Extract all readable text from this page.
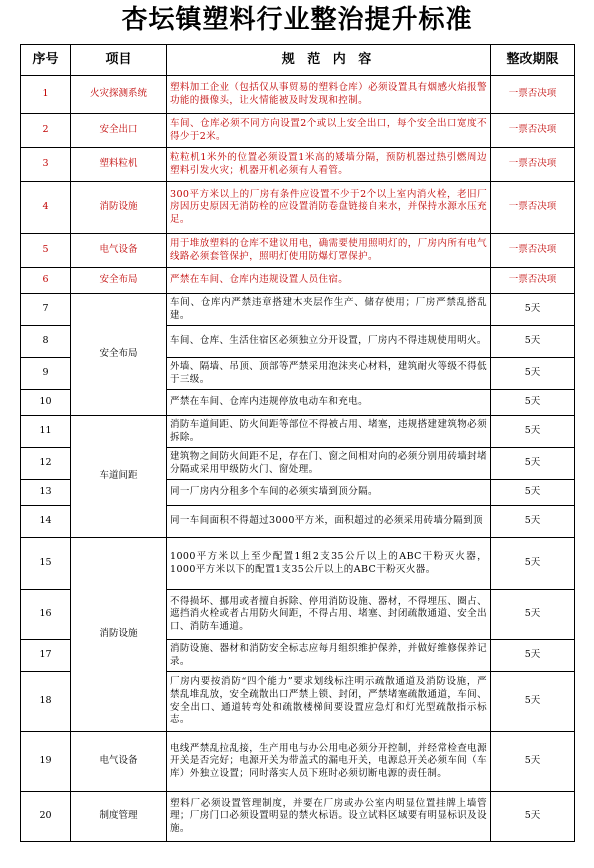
杏坛镇塑料行业整治提升标准
序号	项目	规 范 内 容	整改期限
1	火灾探测系统	塑料加工企业（包括仅从事贸易的塑料仓库）必须设置具有烟感火焰报警功能的摄像头，让火情能被及时发现和控制。	一票否决项
2	安全出口	车间、仓库必须不同方向设置2个或以上安全出口，每个安全出口宽度不得少于2米。	一票否决项
3	塑料粒机	粒粒机1米外的位置必须设置1米高的矮墙分隔，预防机器过热引燃周边塑料引发火灾；机器开机必须有人看管。	一票否决项
4	消防设施	300平方米以上的厂房有条件应设置不少于2个以上室内消火栓，老旧厂房因历史原因无消防栓的应设置消防卷盘链接自来水，并保持水源水压充足。	一票否决项
5	电气设备	用于堆放塑料的仓库不建议用电，确需要使用照明灯的，厂房内所有电气线路必须套管保护，照明灯使用防爆灯罩保护。	一票否决项
6	安全布局	严禁在车间、仓库内违规设置人员住宿。	一票否决项
7	安全布局	车间、仓库内严禁违章搭建木夹层作生产、储存使用；厂房严禁乱搭乱建。	5天
8		车间、仓库、生活住宿区必须独立分开设置，厂房内不得违规使用明火。	5天
9		外墙、隔墙、吊顶、顶部等严禁采用泡沫夹心材料，建筑耐火等级不得低于三级。	5天
10		严禁在车间、仓库内违规停放电动车和充电。	5天
11	车道间距	消防车道间距、防火间距等部位不得被占用、堵塞，违规搭建建筑物必须拆除。	5天
12		建筑物之间防火间距不足，存在门、窗之间相对向的必须分别用砖墙封堵分隔或采用甲级防火门、窗处理。	5天
13		同一厂房内分租多个车间的必须实墙到顶分隔。	5天
14		同一车间面积不得超过3000平方米，面积超过的必须采用砖墙分隔到顶	5天
15	消防设施	1000平方米以上至少配置1组2支35公斤以上的ABC干粉灭火器，1000平方米以下的配置1支35公斤以上的ABC干粉灭火器。	5天
16		不得损坏、挪用或者擅自拆除、停用消防设施、器材，不得埋压、圈占、遮挡消火栓或者占用防火间距，不得占用、堵塞、封闭疏散通道、安全出口、消防车通道。	5天
17		消防设施、器材和消防安全标志应每月组织维护保养，并做好维修保养记录。	5天
18		厂房内要按消防“四个能力”要求划线标注明示疏散通道及消防设施，严禁乱堆乱放，安全疏散出口严禁上锁、封闭，严禁堵塞疏散通道，车间、安全出口、通道转弯处和疏散楼梯间要设置应急灯和灯光型疏散指示标志。	5天
19	电气设备	电线严禁乱拉乱接，生产用电与办公用电必须分开控制，并经常检查电源开关是否完好；电源开关为带盖式的漏电开关，电源总开关必须车间（车库）外独立设置；同时落实人员下班时必须切断电源的责任制。	5天
20	制度管理	塑料厂必须设置管理制度，并要在厂房或办公室内明显位置挂牌上墙管理；厂房门口必须设置明显的禁火标语。设立试料区域要有明显标识及设施。	5天
